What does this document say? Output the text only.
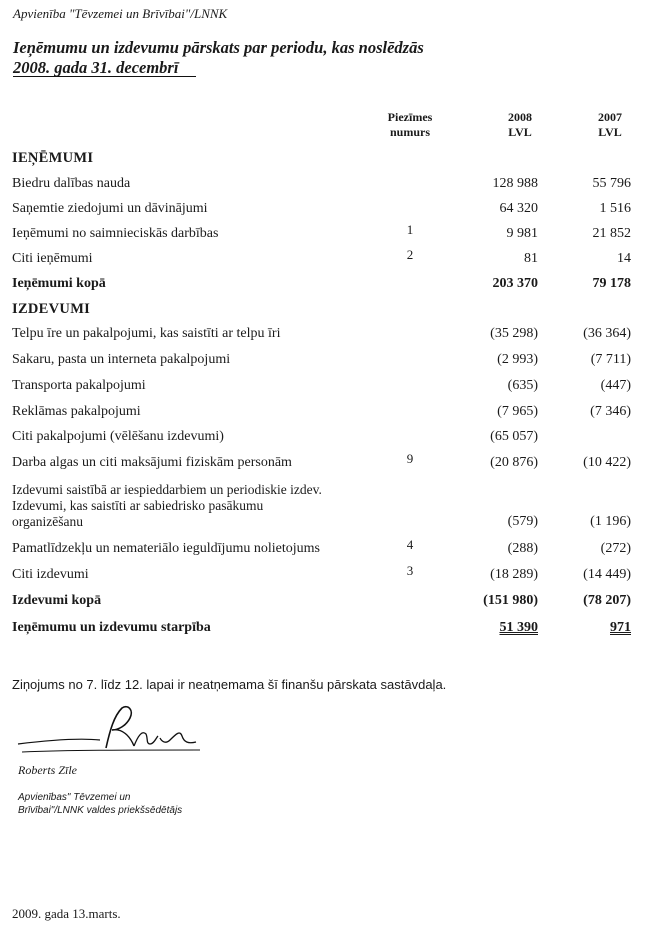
Apvienība "Tēvzemei un Brīvībai"/LNNK
Ieņēmumu un izdevumu pārskats par periodu, kas noslēdzās
2008. gada 31. decembrī
Piezīmes
numurs
2008
LVL
2007
LVL
IEŅĒMUMI
Biedru dalības nauda	128 988	55 796
Saņemtie ziedojumi un dāvinājumi	64 320	1 516
Ieņēmumi no saimnieciskās darbības	1	9 981	21 852
Citi ieņēmumi	2	81	14
Ieņēmumi kopā	203 370	79 178
IZDEVUMI
Telpu īre un pakalpojumi, kas saistīti ar telpu īri	(35 298)	(36 364)
Sakaru, pasta un interneta pakalpojumi	(2 993)	(7 711)
Transporta pakalpojumi	(635)	(447)
Reklāmas pakalpojumi	(7 965)	(7 346)
Citi pakalpojumi (vēlēšanu izdevumi)	(65 057)
Darba algas un citi maksājumi fiziskām personām	9	(20 876)	(10 422)
Izdevumi saistībā ar iespieddarbiem un periodiskie izdev.
Izdevumi, kas saistīti ar sabiedrisko pasākumu
organizēšanu	(579)	(1 196)
Pamatlīdzekļu un nemateriālo ieguldījumu nolietojums	4	(288)	(272)
Citi izdevumi	3	(18 289)	(14 449)
Izdevumi kopā	(151 980)	(78 207)
Ieņēmumu un izdevumu starpība	51 390	971
Ziņojums no 7. līdz 12. lapai ir neatņemama šī finanšu pārskata sastāvdaļa.
Roberts Zīle
Apvienības" Tēvzemei un
Brīvībai"/LNNK valdes priekšsēdētājs
2009. gada 13.marts.
